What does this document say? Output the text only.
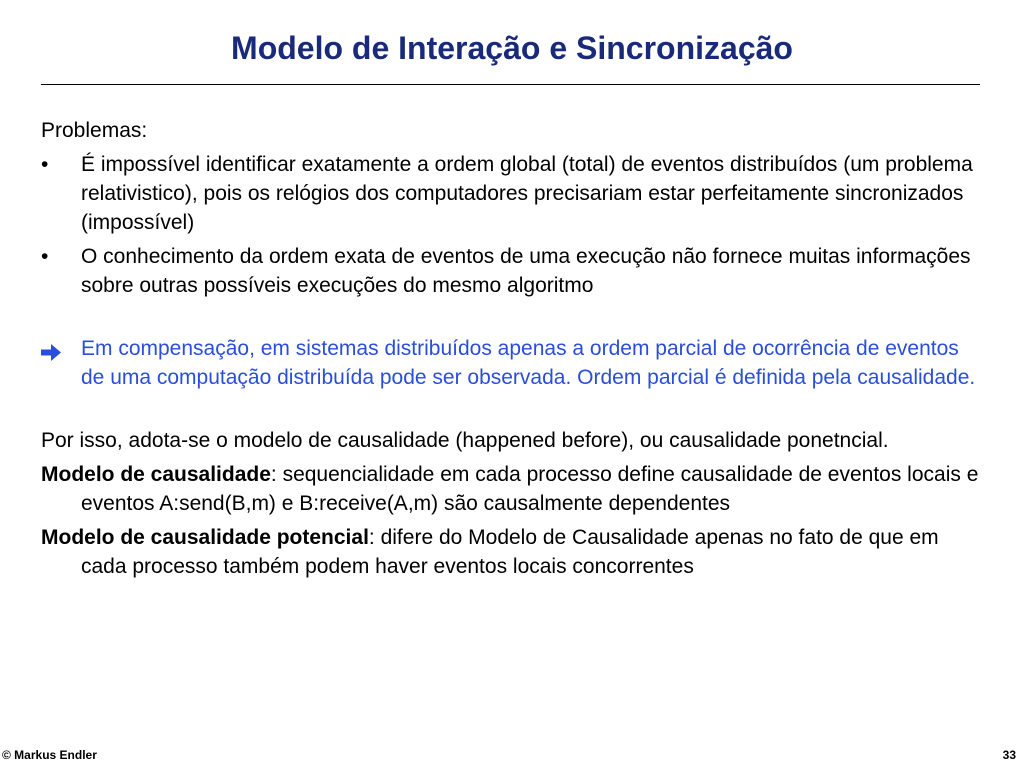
Modelo de Interação e Sincronização
Problemas:
•	É impossível identificar exatamente a ordem global (total) de eventos distribuídos (um problema relativistico), pois os relógios dos computadores precisariam estar perfeitamente sincronizados (impossível)
•	O conhecimento da ordem exata de eventos de uma execução não fornece muitas informações sobre outras possíveis execuções do mesmo algoritmo
Em compensação, em sistemas distribuídos apenas a ordem parcial de ocorrência de eventos de uma computação distribuída pode ser observada. Ordem parcial é definida pela causalidade.

Por isso, adota-se o modelo de causalidade (happened before), ou causalidade ponetncial.

Modelo de causalidade: sequencialidade em cada processo define causalidade de eventos locais e eventos A:send(B,m) e B:receive(A,m) são causalmente dependentes

Modelo de causalidade potencial: difere do Modelo de Causalidade apenas no fato de que em cada processo também podem haver eventos locais concorrentes

© Markus Endler	33
